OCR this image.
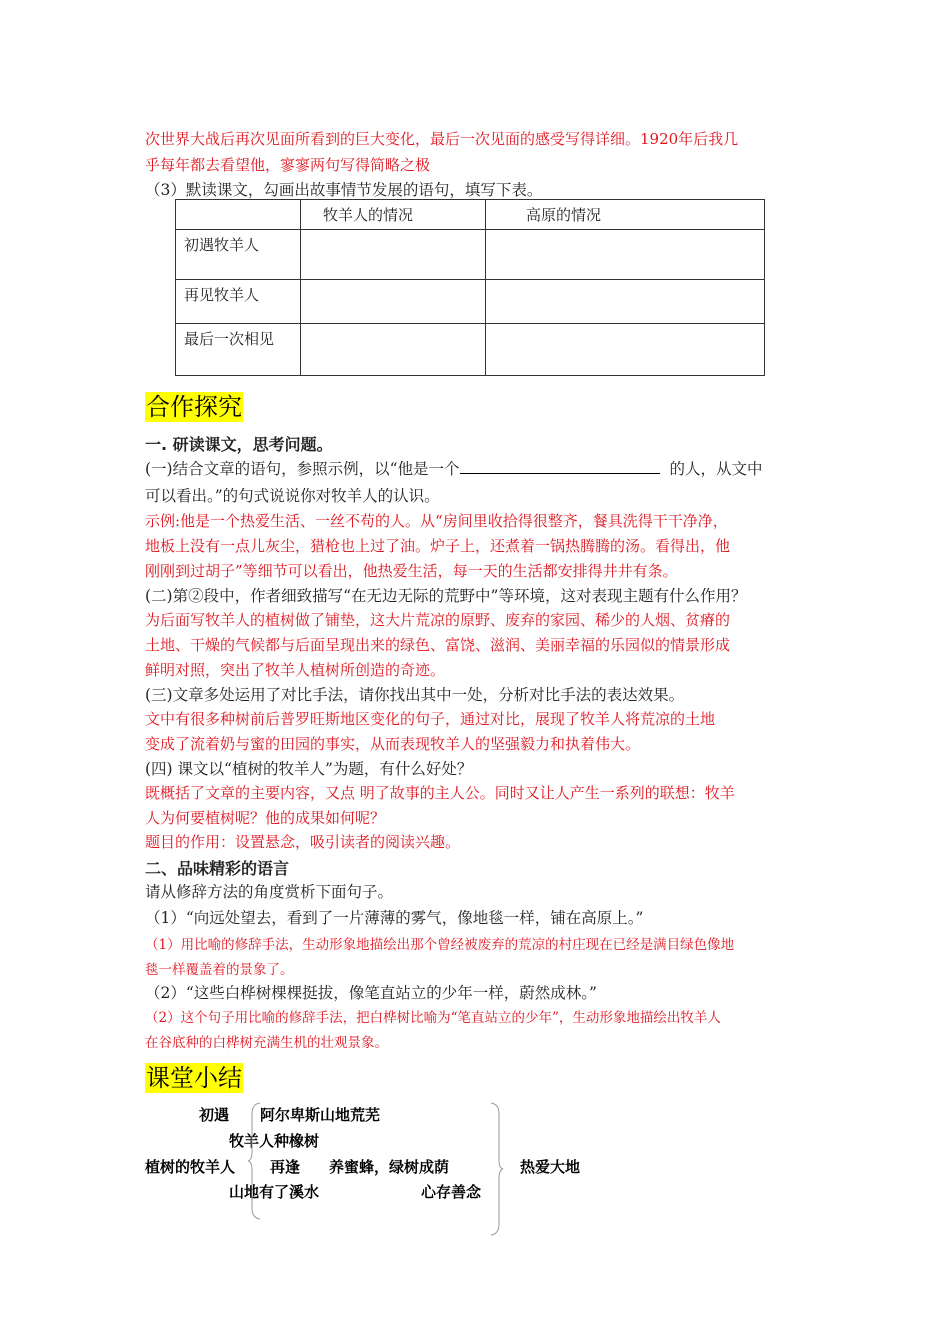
次世界大战后再次见面所看到的巨大变化，最后一次见面的感受写得详细。1920年后我几
乎每年都去看望他，寥寥两句写得简略之极
（3）默读课文，勾画出故事情节发展的语句，填写下表。
	牧羊人的情况	高原的情况
初遇牧羊人		
再见牧羊人		
最后一次相见		
合作探究
一. 研读课文，思考问题。
(一)结合文章的语句，参照示例，以“他是一个	的人，从文中
可以看出。”的句式说说你对牧羊人的认识。
示例:他是一个热爱生活、一丝不苟的人。从“房间里收拾得很整齐，餐具洗得干干净净，
地板上没有一点儿灰尘，猎枪也上过了油。炉子上，还煮着一锅热腾腾的汤。看得出，他
刚刚到过胡子”等细节可以看出，他热爱生活，每一天的生活都安排得井井有条。
(二)第②段中，作者细致描写“在无边无际的荒野中”等环境，这对表现主题有什么作用？
为后面写牧羊人的植树做了铺垫，这大片荒凉的原野、废弃的家园、稀少的人烟、贫瘠的
土地、干燥的气候都与后面呈现出来的绿色、富饶、滋润、美丽幸福的乐园似的情景形成
鲜明对照，突出了牧羊人植树所创造的奇迹。
(三)文章多处运用了对比手法，请你找出其中一处，分析对比手法的表达效果。
文中有很多种树前后普罗旺斯地区变化的句子，通过对比，展现了牧羊人将荒凉的土地
变成了流着奶与蜜的田园的事实，从而表现牧羊人的坚强毅力和执着伟大。
(四) 课文以“植树的牧羊人”为题，有什么好处？
既概括了文章的主要内容，又点 明了故事的主人公。同时又让人产生一系列的联想：牧羊
人为何要植树呢？他的成果如何呢？
题目的作用：设置悬念，吸引读者的阅读兴趣。
二、品味精彩的语言
请从修辞方法的角度赏析下面句子。
（1）“向远处望去，看到了一片薄薄的雾气，像地毯一样，铺在高原上。”
（1）用比喻的修辞手法，生动形象地描绘出那个曾经被废弃的荒凉的村庄现在已经是满目绿色像地
毯一样覆盖着的景象了。
（2）“这些白桦树棵棵挺拔，像笔直站立的少年一样，蔚然成林。”
（2）这个句子用比喻的修辞手法，把白桦树比喻为“笔直站立的少年”，生动形象地描绘出牧羊人
在谷底种的白桦树充满生机的壮观景象。
课堂小结
初遇 阿尔卑斯山地荒芜
牧羊人种橡树
植树的牧羊人 再逢 养蜜蜂，绿树成荫	热爱大地
山地有了溪水	心存善念
